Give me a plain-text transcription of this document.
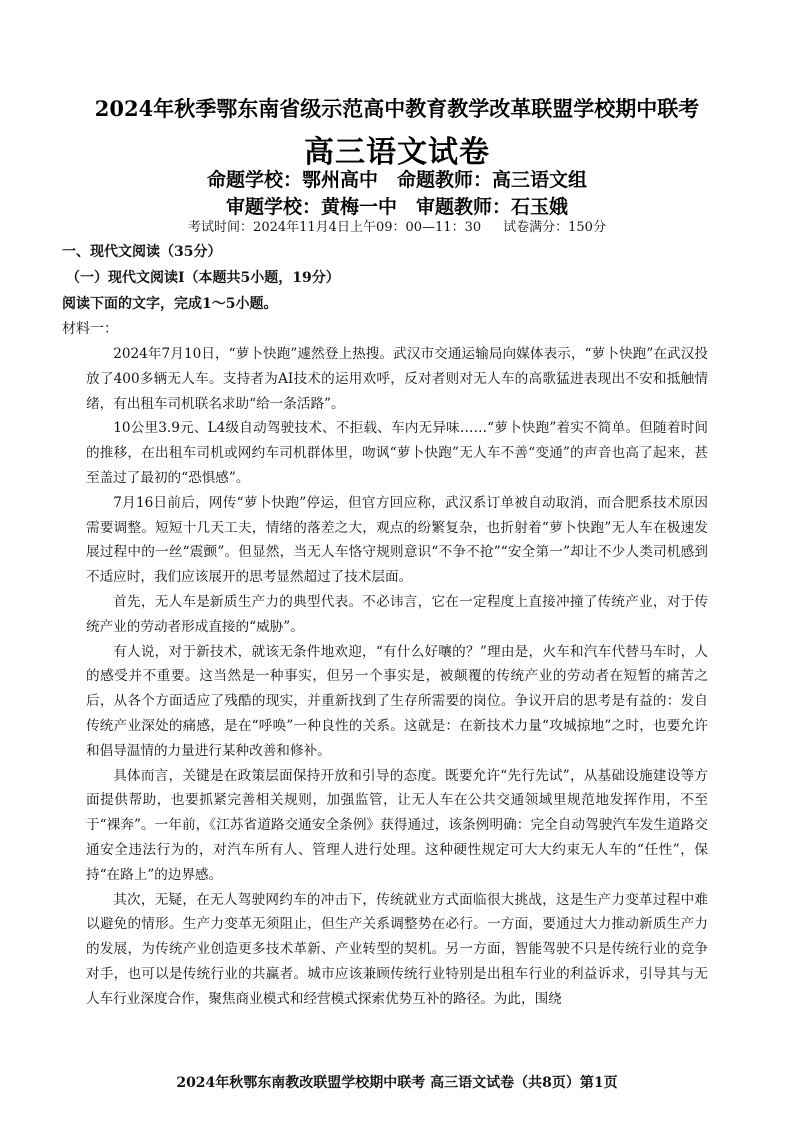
2024年秋季鄂东南省级示范高中教育教学改革联盟学校期中联考
高三语文试卷
命题学校：鄂州高中　命题教师：高三语文组
审题学校：黄梅一中　审题教师：石玉娥
考试时间：2024年11月4日上午09：00—11：30 试卷满分：150分
一、现代文阅读（35分）
（一）现代文阅读Ⅰ（本题共5小题，19分）
阅读下面的文字，完成1～5小题。
材料一：

2024年7月10日，“萝卜快跑”遽然登上热搜。武汉市交通运输局向媒体表示，“萝卜快跑”在武汉投放了400多辆无人车。支持者为AI技术的运用欢呼，反对者则对无人车的高歌猛进表现出不安和抵触情绪，有出租车司机联名求助“给一条活路”。

10公里3.9元、L4级自动驾驶技术、不拒载、车内无异味……“萝卜快跑”着实不简单。但随着时间的推移，在出租车司机或网约车司机群体里，吻讽“萝卜快跑”无人车不善“变通”的声音也高了起来，甚至盖过了最初的“恐惧感”。

7月16日前后，网传“萝卜快跑”停运，但官方回应称，武汉系订单被自动取消，而合肥系技术原因需要调整。短短十几天工夫，情绪的落差之大，观点的纷繁复杂，也折射着“萝卜快跑”无人车在极速发展过程中的一丝“震颤”。但显然，当无人车恪守规则意识“不争不抢”“安全第一”却让不少人类司机感到不适应时，我们应该展开的思考显然超过了技术层面。

首先，无人车是新质生产力的典型代表。不必讳言，它在一定程度上直接冲撞了传统产业，对于传统产业的劳动者形成直接的“威胁”。

有人说，对于新技术，就该无条件地欢迎，“有什么好嚷的？”理由是，火车和汽车代替马车时，人的感受并不重要。这当然是一种事实，但另一个事实是，被颠覆的传统产业的劳动者在短暂的痛苦之后，从各个方面适应了残酷的现实，并重新找到了生存所需要的岗位。争议开启的思考是有益的：发自传统产业深处的痛感，是在“呼唤”一种良性的关系。这就是：在新技术力量“攻城掠地”之时，也要允许和倡导温情的力量进行某种改善和修补。

具体而言，关键是在政策层面保持开放和引导的态度。既要允许“先行先试”，从基础设施建设等方面提供帮助，也要抓紧完善相关规则，加强监管，让无人车在公共交通领域里规范地发挥作用，不至于“裸奔”。一年前，《江苏省道路交通安全条例》获得通过，该条例明确：完全自动驾驶汽车发生道路交通安全违法行为的，对汽车所有人、管理人进行处理。这种硬性规定可大大约束无人车的“任性”，保持“在路上”的边界感。

其次，无疑，在无人驾驶网约车的冲击下，传统就业方式面临很大挑战，这是生产力变革过程中难以避免的情形。生产力变革无须阻止，但生产关系调整势在必行。一方面，要通过大力推动新质生产力的发展，为传统产业创造更多技术革新、产业转型的契机。另一方面，智能驾驶不只是传统行业的竞争对手，也可以是传统行业的共赢者。城市应该兼顾传统行业特别是出租车行业的利益诉求，引导其与无人车行业深度合作，聚焦商业模式和经营模式探索优势互补的路径。为此，围绕

2024年秋鄂东南教改联盟学校期中联考 高三语文试卷（共8页）第1页
